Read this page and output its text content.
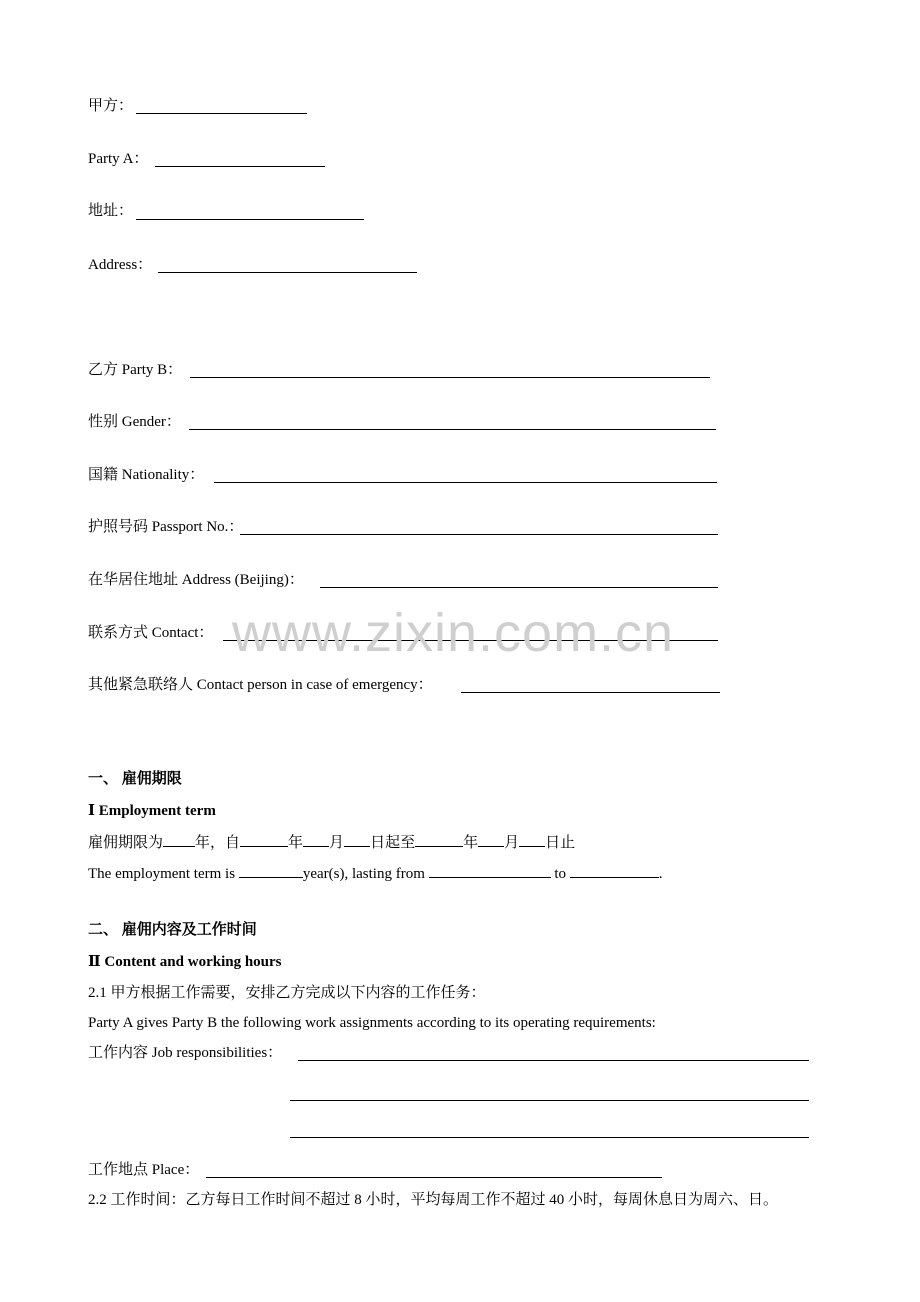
甲方：
Party A：
地址：
Address：
乙方 Party B：
性别 Gender：
国籍 Nationality：
护照号码 Passport No.：
在华居住地址 Address (Beijing)：
联系方式 Contact：
其他紧急联络人 Contact person in case of emergency：
一、 雇佣期限
Ⅰ Employment term
雇佣期限为 年，自	年 月 日起至	年 月 日止
The employment term is	year(s), lasting from	to	.
二、 雇佣内容及工作时间
Ⅱ Content and working hours
2.1 甲方根据工作需要，安排乙方完成以下内容的工作任务：
Party A gives Party B the following work assignments according to its operating requirements:
工作内容 Job responsibilities：
工作地点 Place：
2.2 工作时间：乙方每日工作时间不超过 8 小时，平均每周工作不超过 40 小时，每周休息日为周六、日。
www.zixin.com.cn
